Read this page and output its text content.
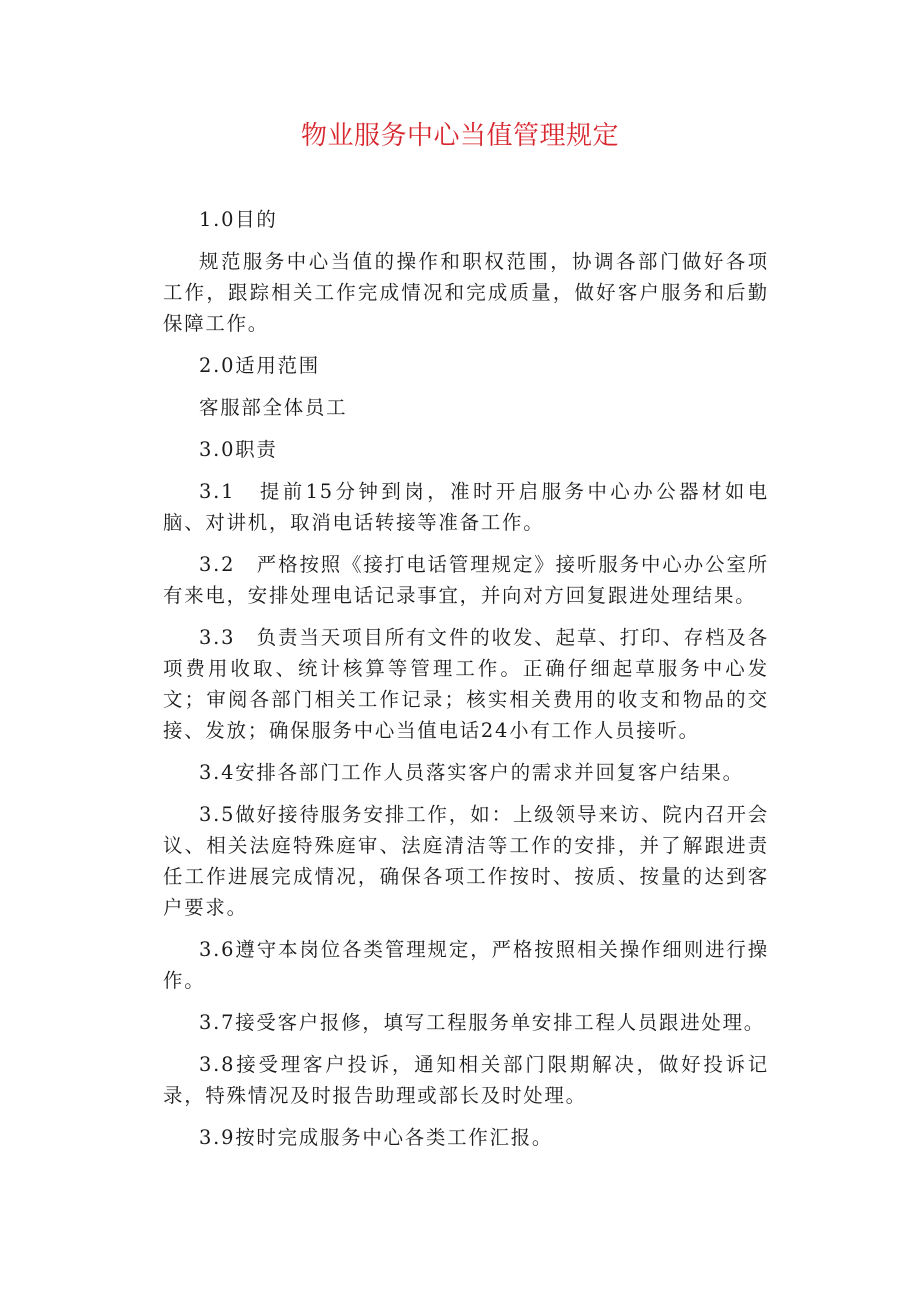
物业服务中心当值管理规定

1.0目的

规范服务中心当值的操作和职权范围，协调各部门做好各项工作，跟踪相关工作完成情况和完成质量，做好客户服务和后勤保障工作。

2.0适用范围

客服部全体员工

3.0职责

3.1　提前15分钟到岗，准时开启服务中心办公器材如电脑、对讲机，取消电话转接等准备工作。

3.2　严格按照《接打电话管理规定》接听服务中心办公室所有来电，安排处理电话记录事宜，并向对方回复跟进处理结果。

3.3　负责当天项目所有文件的收发、起草、打印、存档及各项费用收取、统计核算等管理工作。正确仔细起草服务中心发文；审阅各部门相关工作记录；核实相关费用的收支和物品的交接、发放；确保服务中心当值电话24小有工作人员接听。

3.4安排各部门工作人员落实客户的需求并回复客户结果。

3.5做好接待服务安排工作，如：上级领导来访、院内召开会议、相关法庭特殊庭审、法庭清洁等工作的安排，并了解跟进责任工作进展完成情况，确保各项工作按时、按质、按量的达到客户要求。

3.6遵守本岗位各类管理规定，严格按照相关操作细则进行操作。

3.7接受客户报修，填写工程服务单安排工程人员跟进处理。

3.8接受理客户投诉，通知相关部门限期解决，做好投诉记录，特殊情况及时报告助理或部长及时处理。

3.9按时完成服务中心各类工作汇报。
